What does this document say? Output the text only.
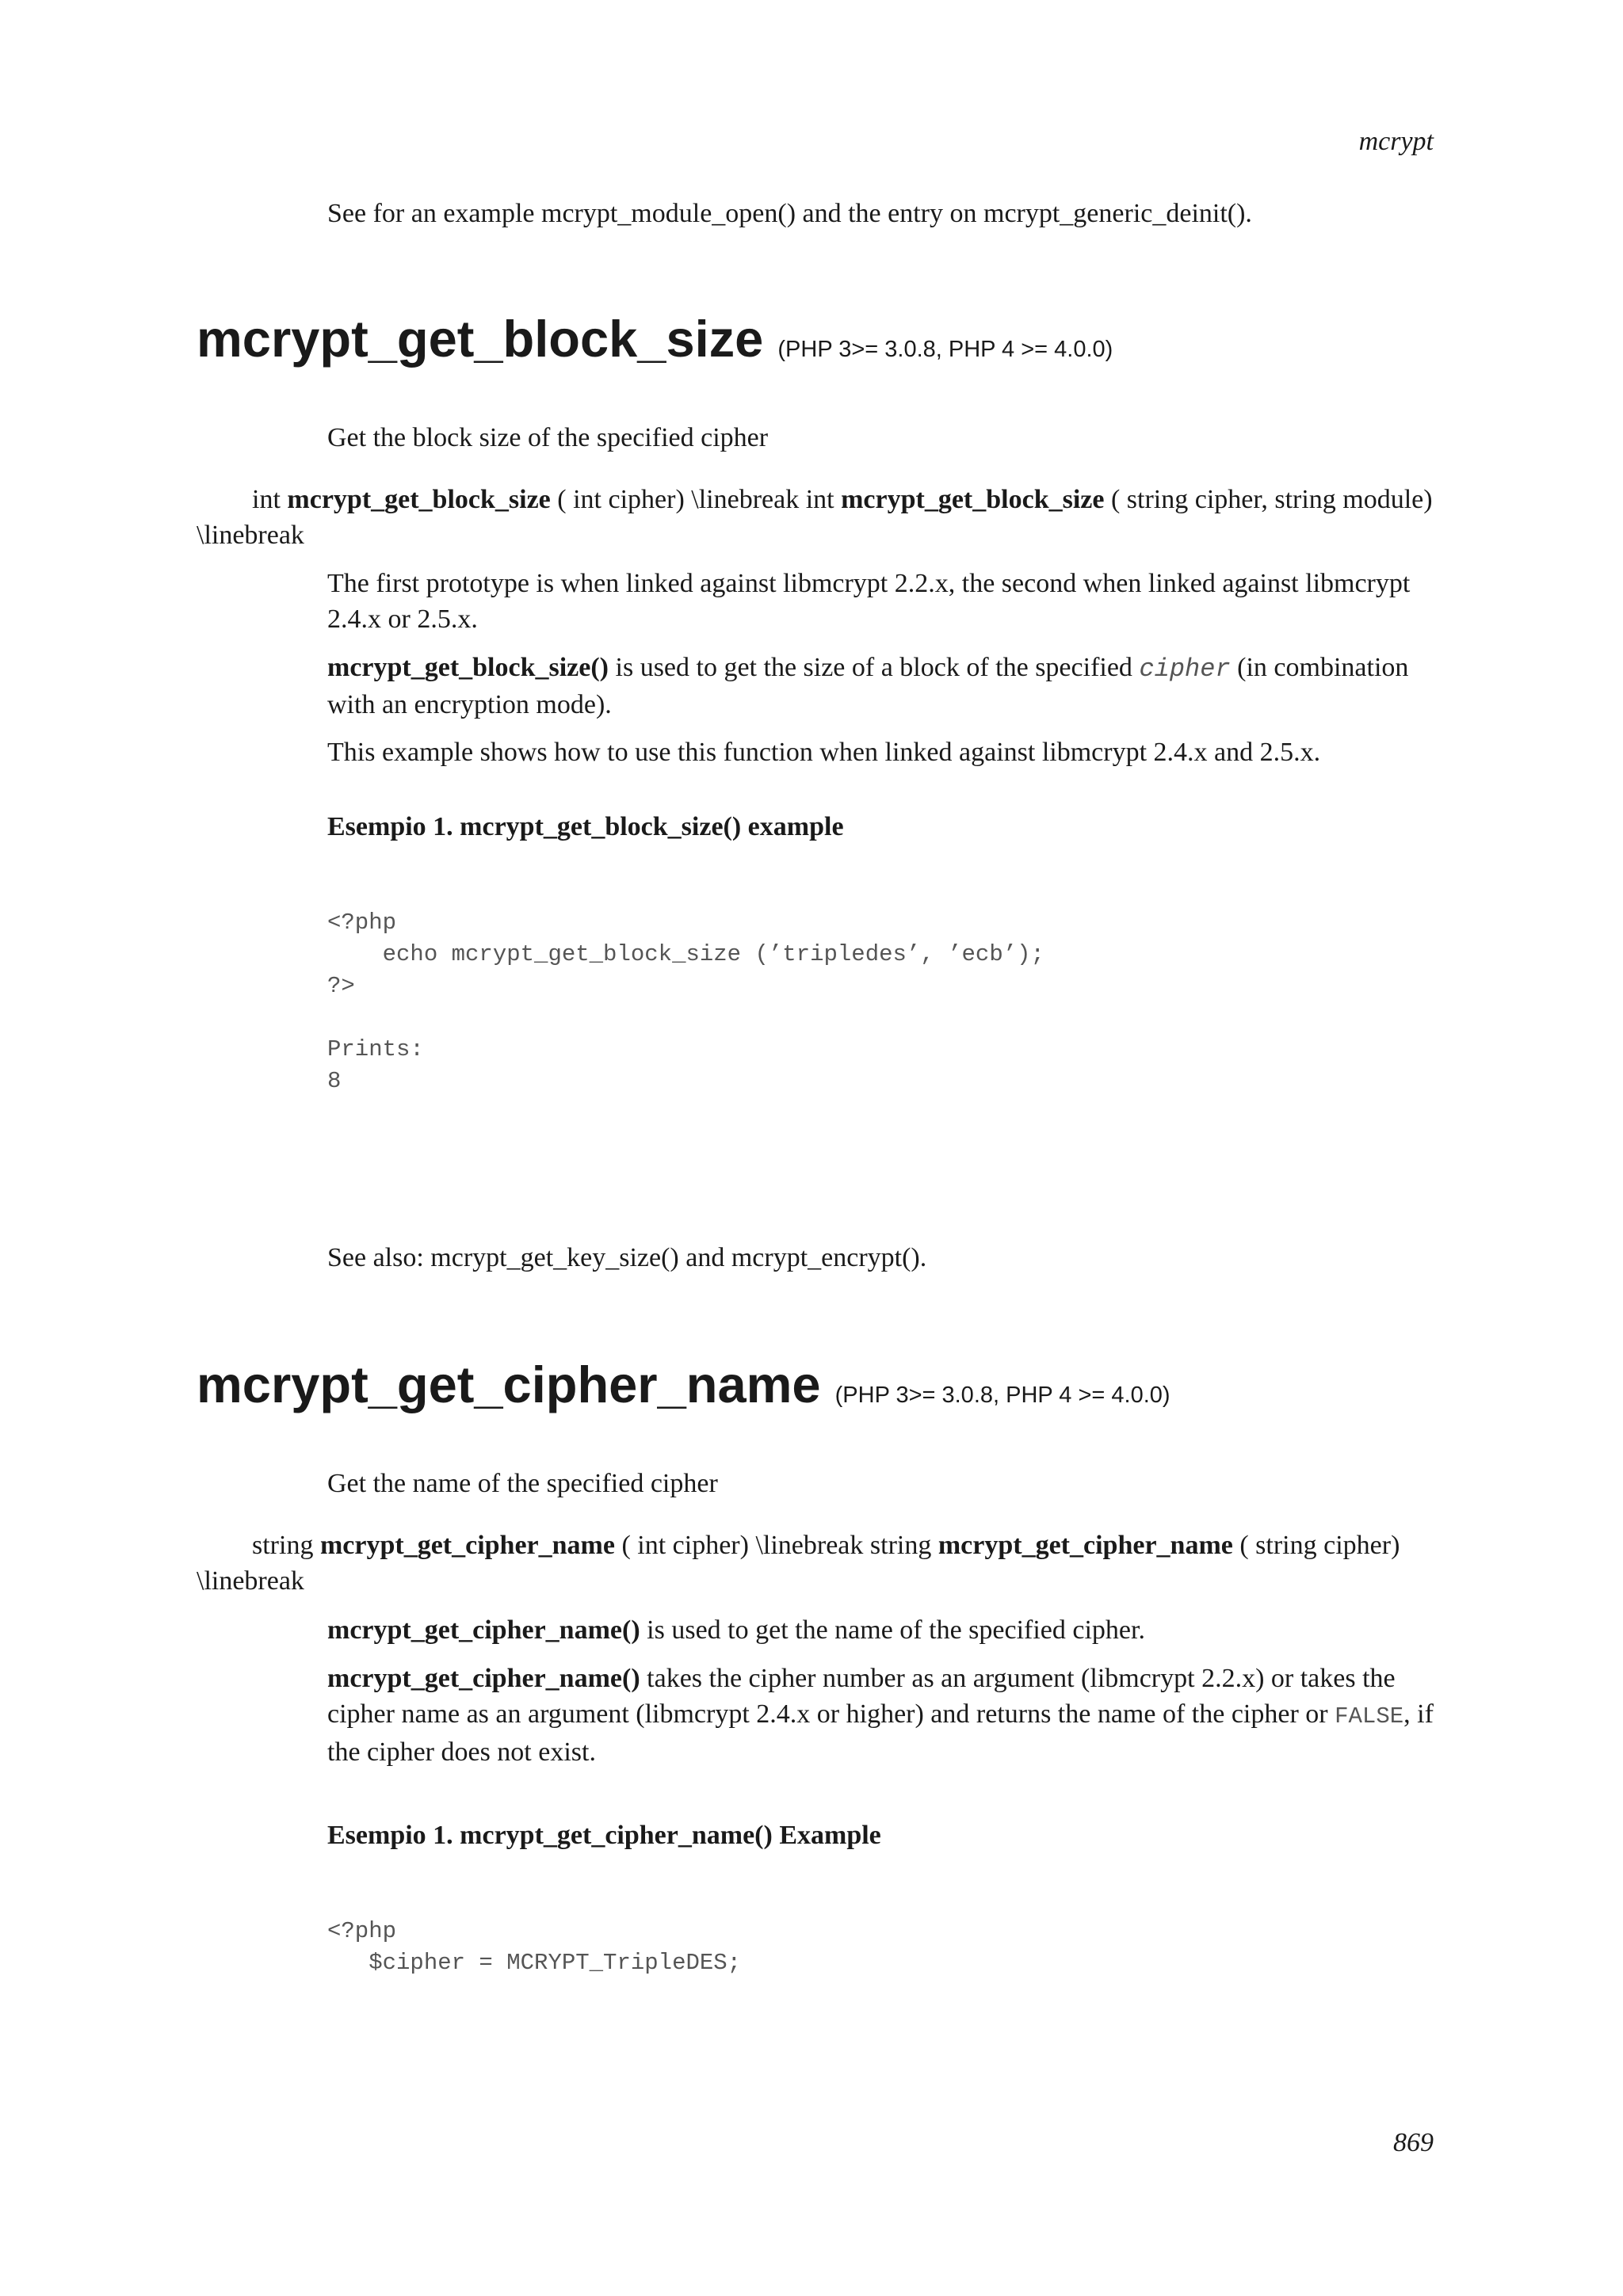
mcrypt

See for an example mcrypt_module_open() and the entry on mcrypt_generic_deinit().

mcrypt_get_block_size (PHP 3>= 3.0.8, PHP 4 >= 4.0.0)

Get the block size of the specified cipher

int mcrypt_get_block_size ( int cipher) \linebreak int mcrypt_get_block_size ( string cipher, string module) \linebreak

The first prototype is when linked against libmcrypt 2.2.x, the second when linked against libmcrypt 2.4.x or 2.5.x.

mcrypt_get_block_size() is used to get the size of a block of the specified cipher (in combination with an encryption mode).

This example shows how to use this function when linked against libmcrypt 2.4.x and 2.5.x.

Esempio 1. mcrypt_get_block_size() example
<?php
echo mcrypt_get_block_size (’tripledes’, ’ecb’);
?>

Prints:
8

See also: mcrypt_get_key_size() and mcrypt_encrypt().

mcrypt_get_cipher_name (PHP 3>= 3.0.8, PHP 4 >= 4.0.0)

Get the name of the specified cipher

string mcrypt_get_cipher_name ( int cipher) \linebreak string mcrypt_get_cipher_name ( string cipher) \linebreak

mcrypt_get_cipher_name() is used to get the name of the specified cipher.

mcrypt_get_cipher_name() takes the cipher number as an argument (libmcrypt 2.2.x) or takes the cipher name as an argument (libmcrypt 2.4.x or higher) and returns the name of the cipher or FALSE, if the cipher does not exist.

Esempio 1. mcrypt_get_cipher_name() Example
<?php
$cipher = MCRYPT_TripleDES;
869
